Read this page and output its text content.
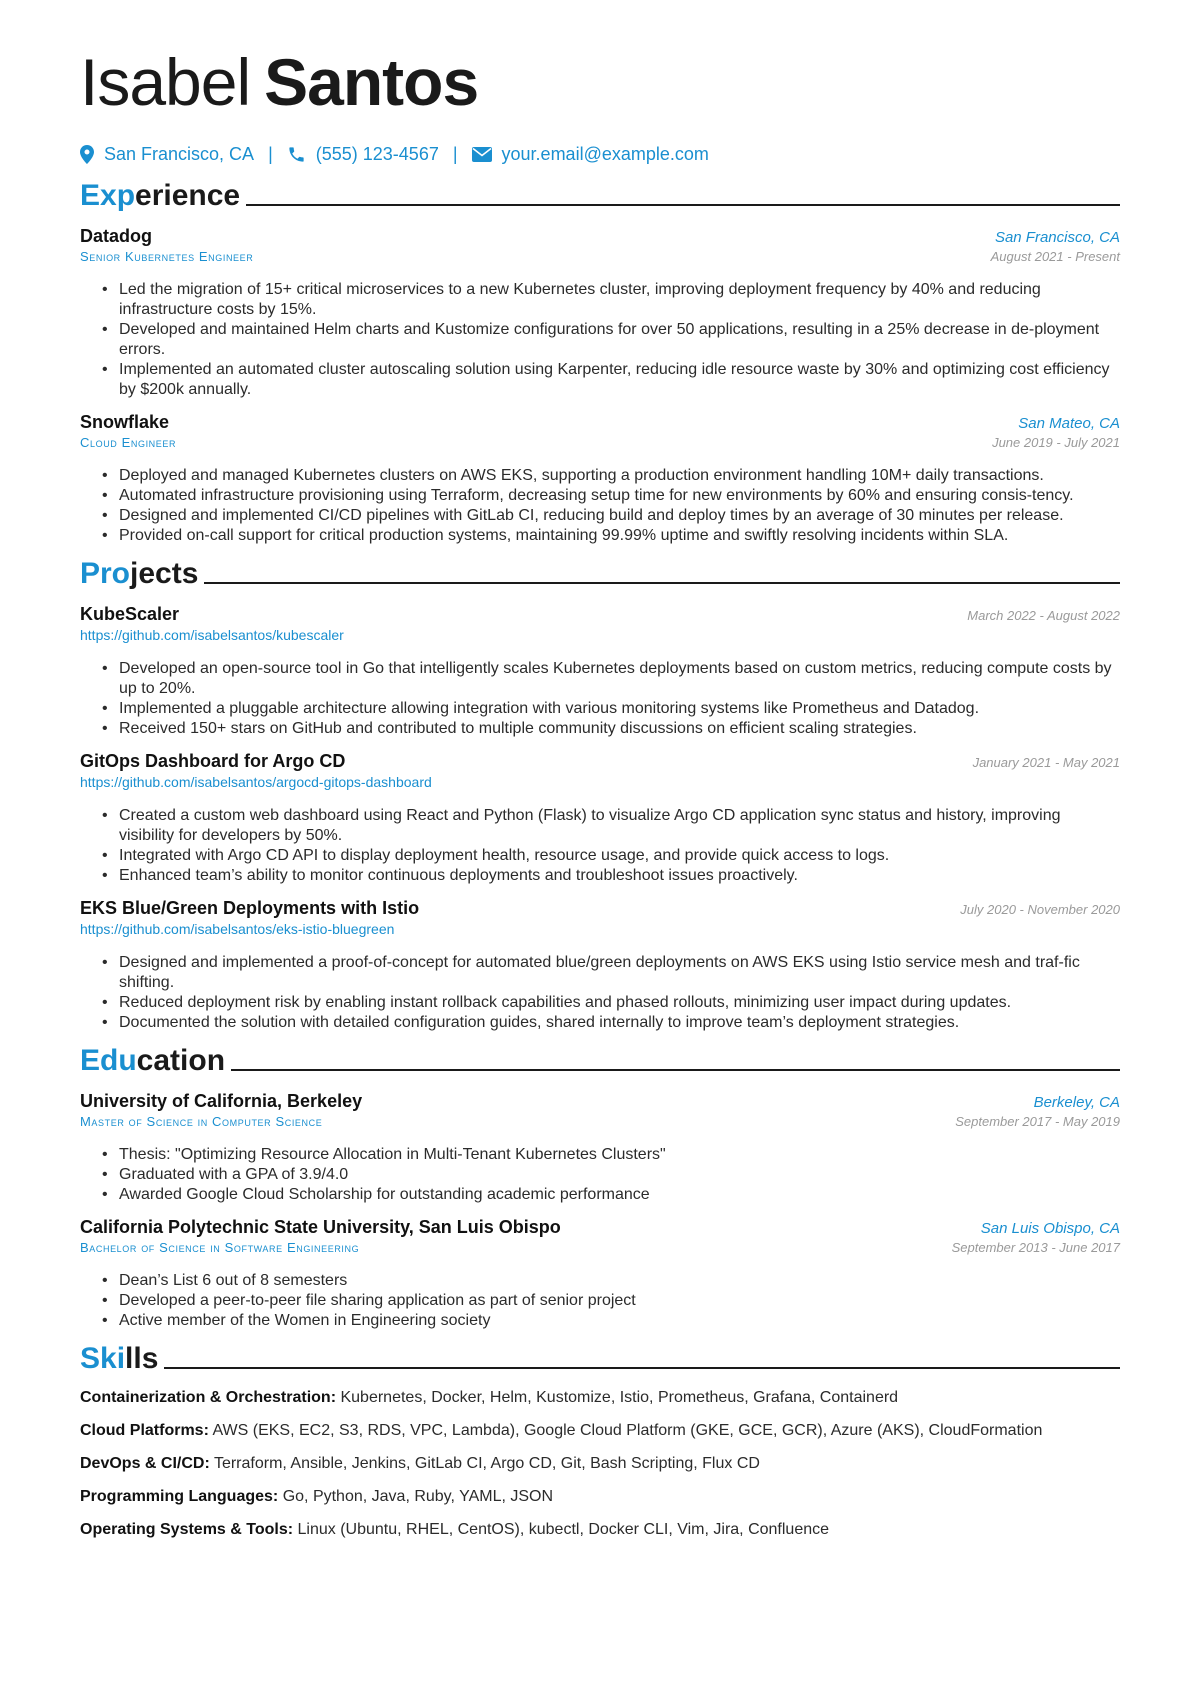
Isabel Santos
San Francisco, CA | (555) 123-4567 | your.email@example.com
Experience
Datadog	San Francisco, CA
Senior Kubernetes Engineer	August 2021 - Present
• Led the migration of 15+ critical microservices to a new Kubernetes cluster, improving deployment frequency by 40% and reducing infrastructure costs by 15%.
• Developed and maintained Helm charts and Kustomize configurations for over 50 applications, resulting in a 25% decrease in de-ployment errors.
• Implemented an automated cluster autoscaling solution using Karpenter, reducing idle resource waste by 30% and optimizing cost efficiency by $200k annually.
Snowflake	San Mateo, CA
Cloud Engineer	June 2019 - July 2021
• Deployed and managed Kubernetes clusters on AWS EKS, supporting a production environment handling 10M+ daily transactions.
• Automated infrastructure provisioning using Terraform, decreasing setup time for new environments by 60% and ensuring consis-tency.
• Designed and implemented CI/CD pipelines with GitLab CI, reducing build and deploy times by an average of 30 minutes per release.
• Provided on-call support for critical production systems, maintaining 99.99% uptime and swiftly resolving incidents within SLA.
Projects
KubeScaler	March 2022 - August 2022
https://github.com/isabelsantos/kubescaler
• Developed an open-source tool in Go that intelligently scales Kubernetes deployments based on custom metrics, reducing compute costs by up to 20%.
• Implemented a pluggable architecture allowing integration with various monitoring systems like Prometheus and Datadog.
• Received 150+ stars on GitHub and contributed to multiple community discussions on efficient scaling strategies.
GitOps Dashboard for Argo CD	January 2021 - May 2021
https://github.com/isabelsantos/argocd-gitops-dashboard
• Created a custom web dashboard using React and Python (Flask) to visualize Argo CD application sync status and history, improving visibility for developers by 50%.
• Integrated with Argo CD API to display deployment health, resource usage, and provide quick access to logs.
• Enhanced team’s ability to monitor continuous deployments and troubleshoot issues proactively.
EKS Blue/Green Deployments with Istio	July 2020 - November 2020
https://github.com/isabelsantos/eks-istio-bluegreen
• Designed and implemented a proof-of-concept for automated blue/green deployments on AWS EKS using Istio service mesh and traf-fic shifting.
• Reduced deployment risk by enabling instant rollback capabilities and phased rollouts, minimizing user impact during updates.
• Documented the solution with detailed configuration guides, shared internally to improve team’s deployment strategies.
Education
University of California, Berkeley	Berkeley, CA
Master of Science in Computer Science	September 2017 - May 2019
• Thesis: "Optimizing Resource Allocation in Multi-Tenant Kubernetes Clusters"
• Graduated with a GPA of 3.9/4.0
• Awarded Google Cloud Scholarship for outstanding academic performance
California Polytechnic State University, San Luis Obispo	San Luis Obispo, CA
Bachelor of Science in Software Engineering	September 2013 - June 2017
• Dean’s List 6 out of 8 semesters
• Developed a peer-to-peer file sharing application as part of senior project
• Active member of the Women in Engineering society
Skills
Containerization & Orchestration: Kubernetes, Docker, Helm, Kustomize, Istio, Prometheus, Grafana, Containerd
Cloud Platforms: AWS (EKS, EC2, S3, RDS, VPC, Lambda), Google Cloud Platform (GKE, GCE, GCR), Azure (AKS), CloudFormation
DevOps & CI/CD: Terraform, Ansible, Jenkins, GitLab CI, Argo CD, Git, Bash Scripting, Flux CD
Programming Languages: Go, Python, Java, Ruby, YAML, JSON
Operating Systems & Tools: Linux (Ubuntu, RHEL, CentOS), kubectl, Docker CLI, Vim, Jira, Confluence
